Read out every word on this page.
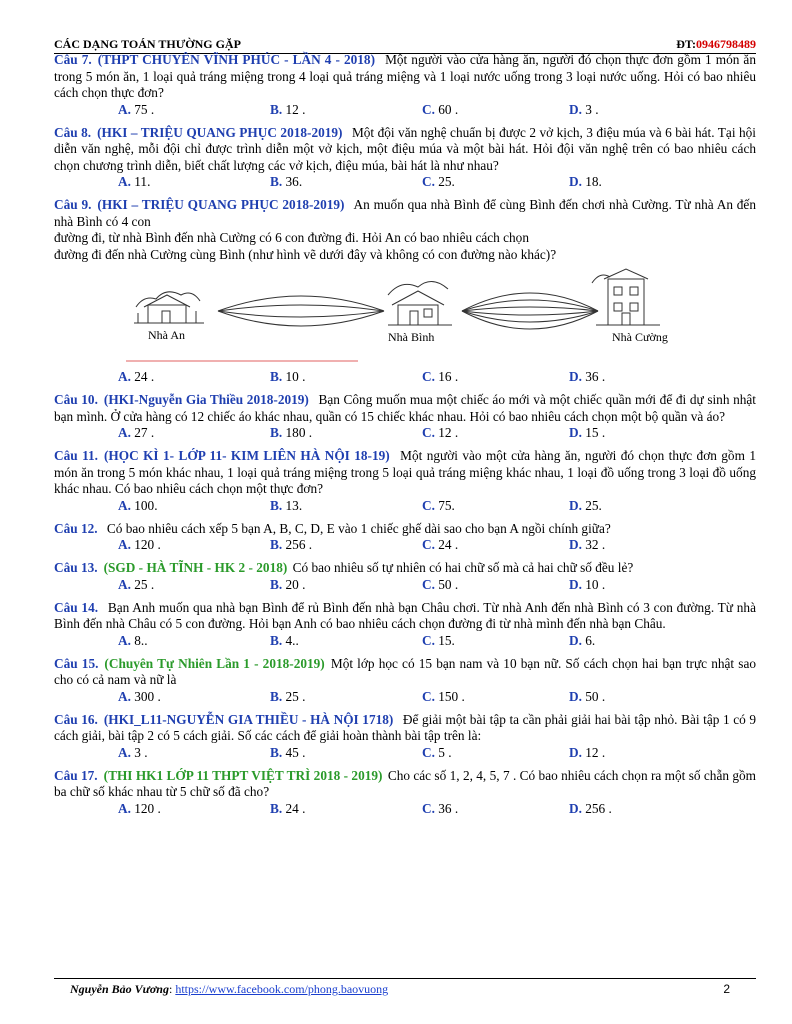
CÁC DẠNG TOÁN THƯỜNG GẶP	ĐT:0946798489

Câu 7. (THPT CHUYÊN VĨNH PHÚC - LẦN 4 - 2018) Một người vào cửa hàng ăn, người đó chọn thực đơn gồm 1 món ăn trong 5 món ăn, 1 loại quả tráng miệng trong 4 loại quả tráng miệng và 1 loại nước uống trong 3 loại nước uống. Hỏi có bao nhiêu cách chọn thực đơn?

A. 75 .	B. 12 .	C. 60 .	D. 3 .

Câu 8. (HKI – TRIỆU QUANG PHỤC 2018-2019) Một đội văn nghệ chuẩn bị được 2 vở kịch, 3 điệu múa và 6 bài hát. Tại hội diễn văn nghệ, mỗi đội chỉ được trình diễn một vở kịch, một điệu múa và một bài hát. Hỏi đội văn nghệ trên có bao nhiêu cách chọn chương trình diễn, biết chất lượng các vở kịch, điệu múa, bài hát là như nhau?

A. 11.	B. 36.	C. 25.	D. 18.

Câu 9. (HKI – TRIỆU QUANG PHỤC 2018-2019) An muốn qua nhà Bình để cùng Bình đến chơi nhà Cường. Từ nhà An đến nhà Bình có 4 con

đường đi, từ nhà Bình đến nhà Cường có 6 con đường đi. Hỏi An có bao nhiêu cách chọn

đường đi đến nhà Cường cùng Bình (như hình vẽ dưới đây và không có con đường nào khác)?

Nhà An	Nhà Bình	Nhà Cường
A. 24 .	B. 10 .	C. 16 .	D. 36 .

Câu 10. (HKI-Nguyễn Gia Thiều 2018-2019) Bạn Công muốn mua một chiếc áo mới và một chiếc quần mới để đi dự sinh nhật bạn mình. Ở cửa hàng có 12 chiếc áo khác nhau, quần có 15 chiếc khác nhau. Hỏi có bao nhiêu cách chọn một bộ quần và áo?

A. 27 .	B. 180 .	C. 12 .	D. 15 .

Câu 11. (HỌC KÌ 1- LỚP 11- KIM LIÊN HÀ NỘI 18-19) Một người vào một cửa hàng ăn, người đó chọn thực đơn gồm 1 món ăn trong 5 món khác nhau, 1 loại quả tráng miệng trong 5 loại quả tráng miệng khác nhau, 1 loại đồ uống trong 3 loại đồ uống khác nhau. Có bao nhiêu cách chọn một thực đơn?

A. 100.	B. 13.	C. 75.	D. 25.

Câu 12. Có bao nhiêu cách xếp 5 bạn A, B, C, D, E vào 1 chiếc ghế dài sao cho bạn A ngồi chính giữa?

A. 120 .	B. 256 .	C. 24 .	D. 32 .

Câu 13. (SGD - HÀ TĨNH - HK 2 - 2018) Có bao nhiêu số tự nhiên có hai chữ số mà cả hai chữ số đều lẻ?

A. 25 .	B. 20 .	C. 50 .	D. 10 .

Câu 14. Bạn Anh muốn qua nhà bạn Bình để rủ Bình đến nhà bạn Châu chơi. Từ nhà Anh đến nhà Bình có 3 con đường. Từ nhà Bình đến nhà Châu có 5 con đường. Hỏi bạn Anh có bao nhiêu cách chọn đường đi từ nhà mình đến nhà bạn Châu.

A. 8..	B. 4..	C. 15.	D. 6.

Câu 15. (Chuyên Tự Nhiên Lần 1 - 2018-2019) Một lớp học có 15 bạn nam và 10 bạn nữ. Số cách chọn hai bạn trực nhật sao cho có cả nam và nữ là

A. 300 .	B. 25 .	C. 150 .	D. 50 .

Câu 16. (HKI_L11-NGUYỄN GIA THIỀU - HÀ NỘI 1718) Để giải một bài tập ta cần phải giải hai bài tập nhỏ. Bài tập 1 có 9 cách giải, bài tập 2 có 5 cách giải. Số các cách để giải hoàn thành bài tập trên là:

A. 3 .	B. 45 .	C. 5 .	D. 12 .

Câu 17. (THI HK1 LỚP 11 THPT VIỆT TRÌ 2018 - 2019) Cho các số 1, 2, 4, 5, 7 . Có bao nhiêu cách chọn ra một số chẵn gồm ba chữ số khác nhau từ 5 chữ số đã cho?

A. 120 .	B. 24 .	C. 36 .	D. 256 .
Nguyễn Bảo Vương: https://www.facebook.com/phong.baovuong	2
